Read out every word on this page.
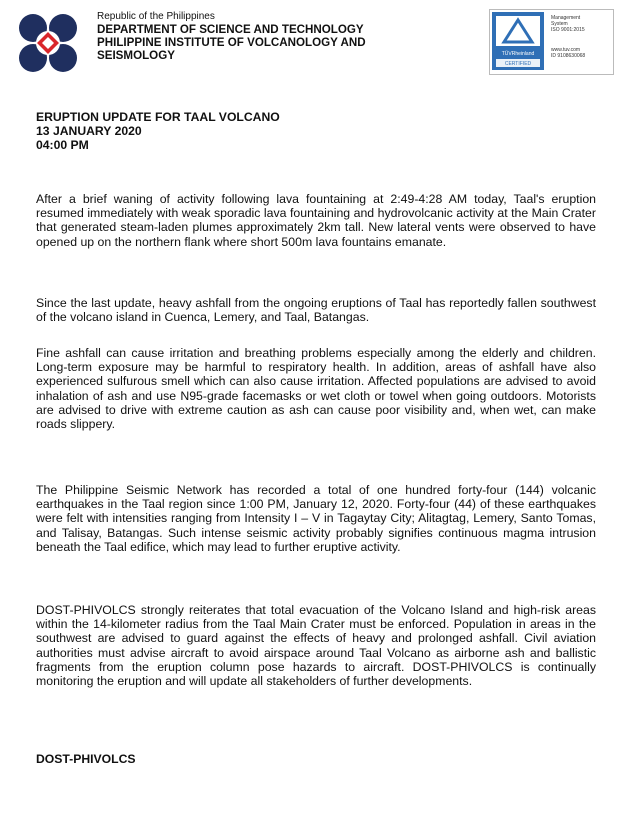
Republic of the Philippines
DEPARTMENT OF SCIENCE AND TECHNOLOGY
PHILIPPINE INSTITUTE OF VOLCANOLOGY AND
SEISMOLOGY	TÜVRheinland
CERTIFIED
Management
System
ISO 9001:2015
www.tuv.com
ID 9108630068
ERUPTION UPDATE FOR TAAL VOLCANO
13 JANUARY 2020
04:00 PM
After a brief waning of activity following lava fountaining at 2:49-4:28 AM today, Taal's eruption resumed immediately with weak sporadic lava fountaining and hydrovolcanic activity at the Main Crater that generated steam-laden plumes approximately 2km tall. New lateral vents were observed to have opened up on the northern flank where short 500m lava fountains emanate.
Since the last update, heavy ashfall from the ongoing eruptions of Taal has reportedly fallen southwest of the volcano island in Cuenca, Lemery, and Taal, Batangas.
Fine ashfall can cause irritation and breathing problems especially among the elderly and children. Long-term exposure may be harmful to respiratory health. In addition, areas of ashfall have also experienced sulfurous smell which can also cause irritation. Affected populations are advised to avoid inhalation of ash and use N95-grade facemasks or wet cloth or towel when going outdoors. Motorists are advised to drive with extreme caution as ash can cause poor visibility and, when wet, can make roads slippery.
The Philippine Seismic Network has recorded a total of one hundred forty-four (144) volcanic earthquakes in the Taal region since 1:00 PM, January 12, 2020. Forty-four (44) of these earthquakes were felt with intensities ranging from Intensity I – V in Tagaytay City; Alitagtag, Lemery, Santo Tomas, and Talisay, Batangas. Such intense seismic activity probably signifies continuous magma intrusion beneath the Taal edifice, which may lead to further eruptive activity.
DOST-PHIVOLCS strongly reiterates that total evacuation of the Volcano Island and high-risk areas within the 14-kilometer radius from the Taal Main Crater must be enforced. Population in areas in the southwest are advised to guard against the effects of heavy and prolonged ashfall. Civil aviation authorities must advise aircraft to avoid airspace around Taal Volcano as airborne ash and ballistic fragments from the eruption column pose hazards to aircraft. DOST-PHIVOLCS is continually monitoring the eruption and will update all stakeholders of further developments.
DOST-PHIVOLCS
